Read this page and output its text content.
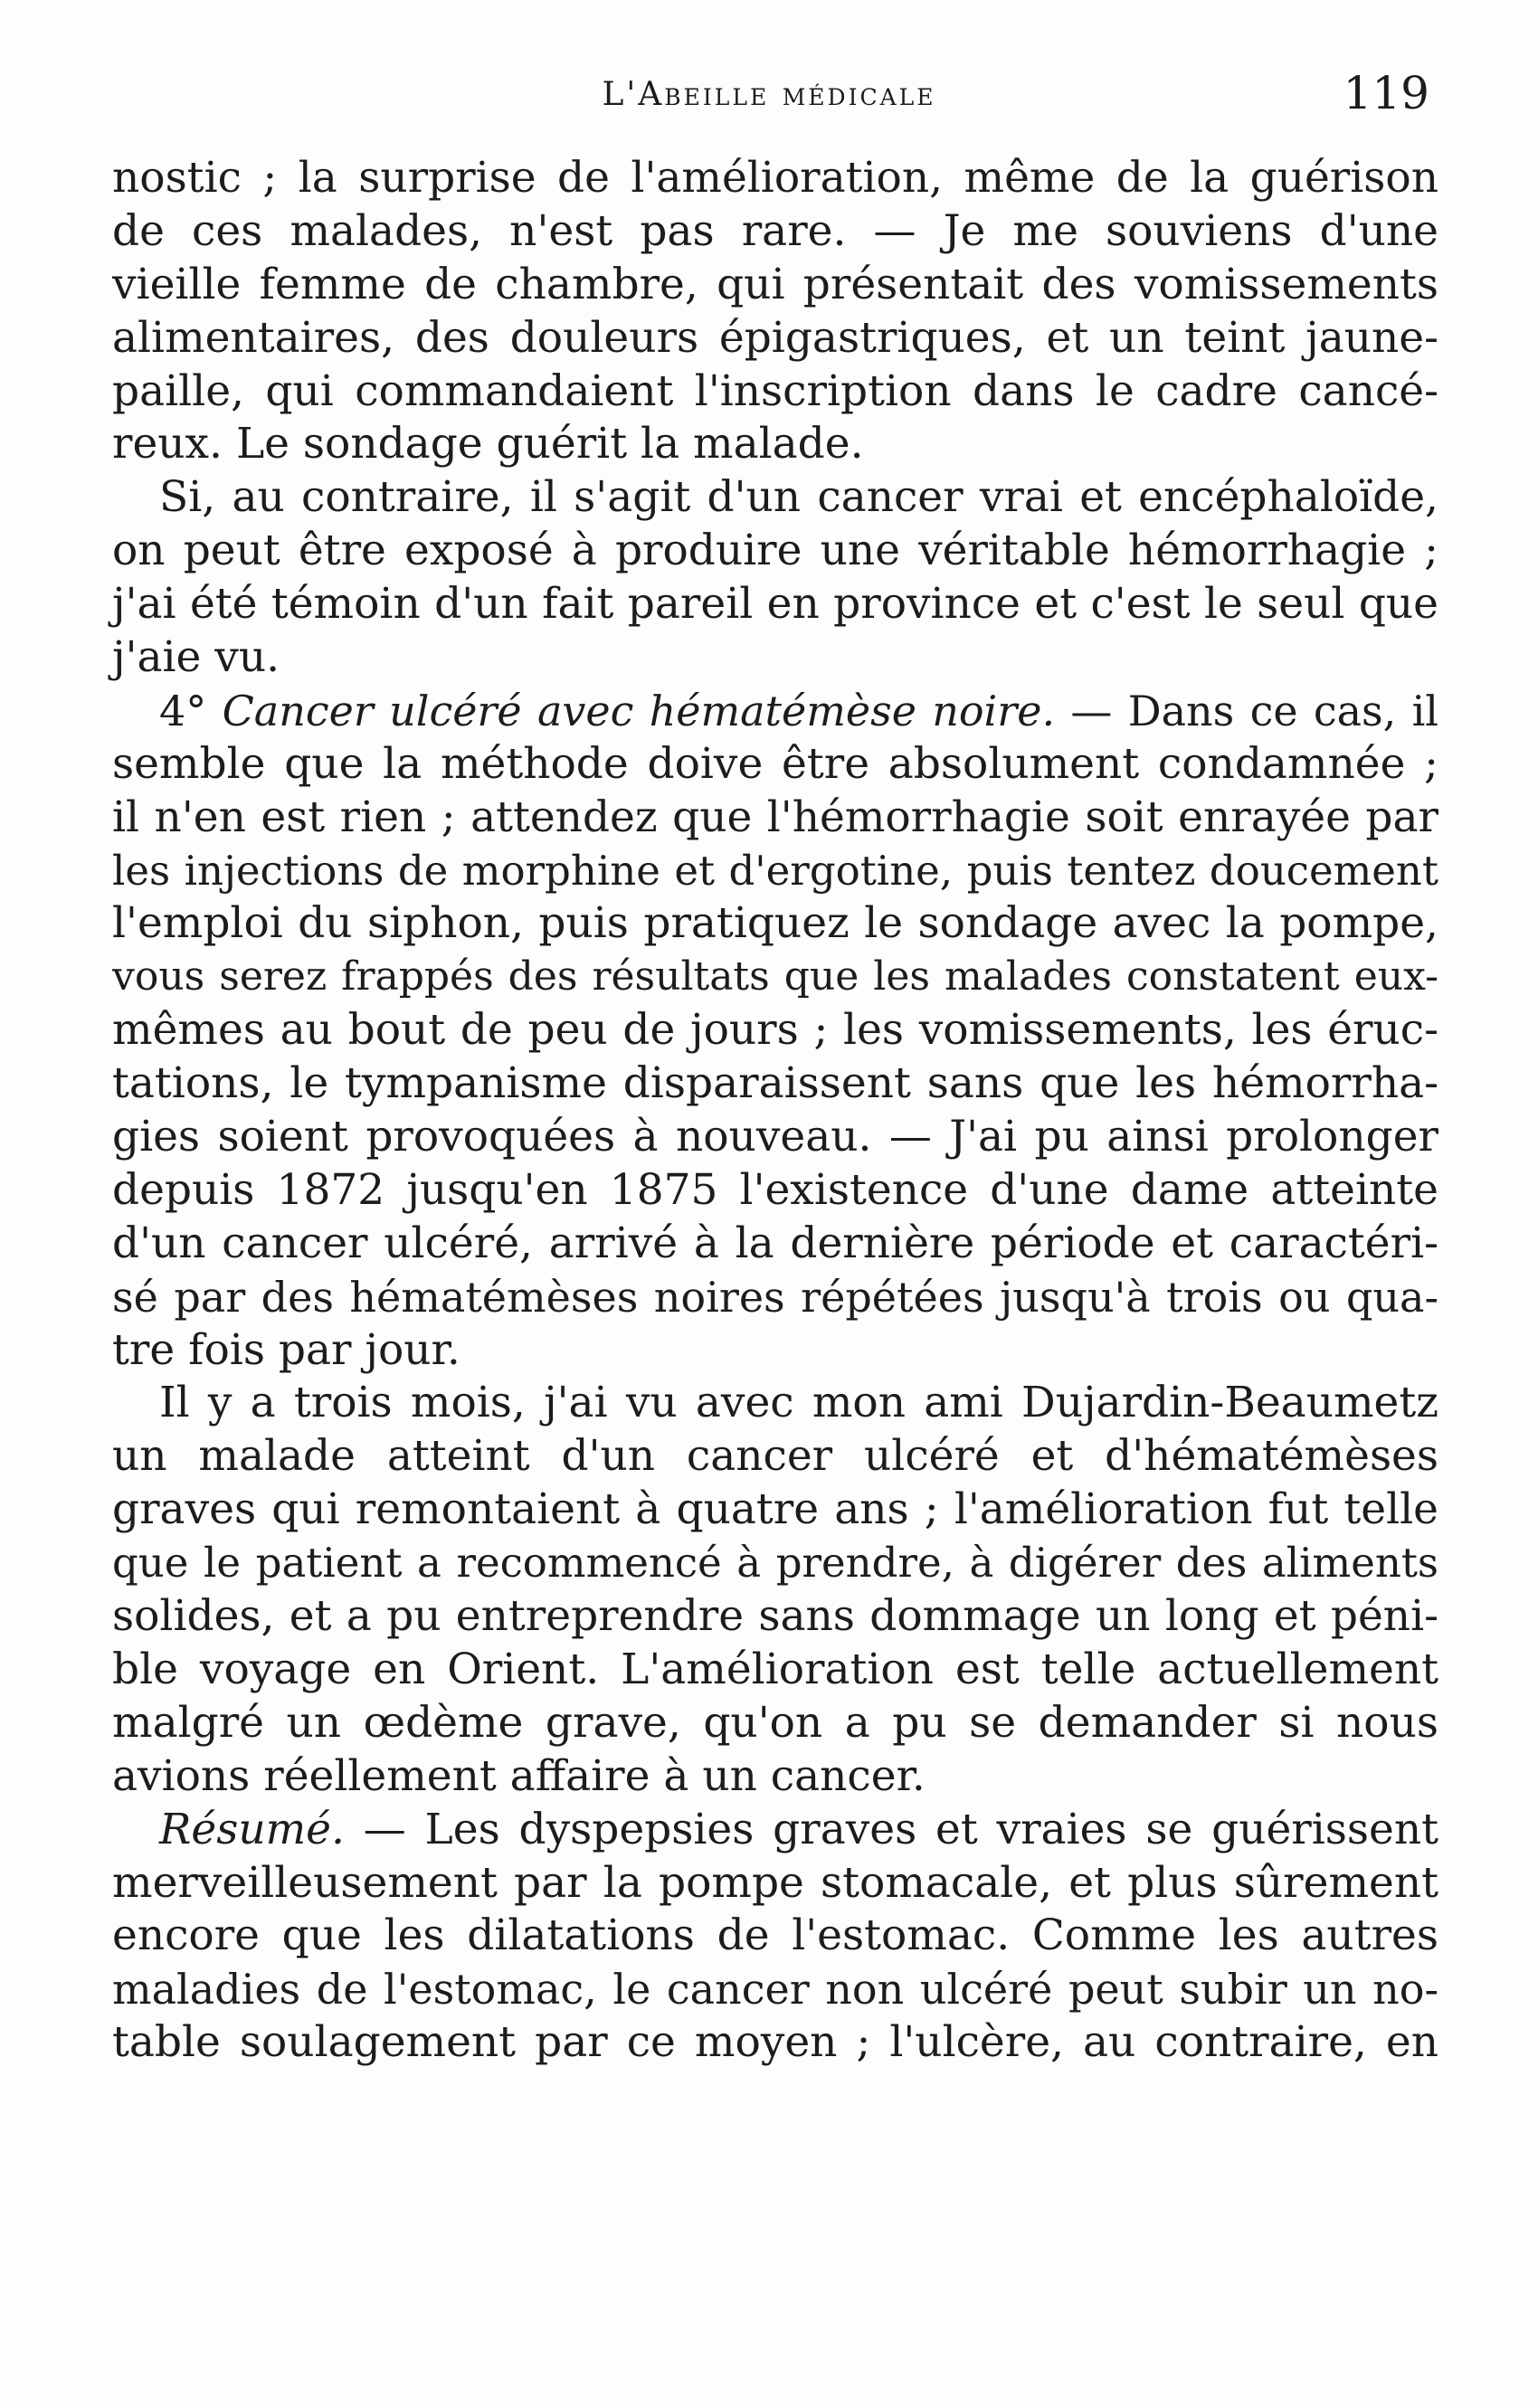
L'Abeille médicale	119
nostic ; la surprise de l'amélioration, même de la guérison
de ces malades, n'est pas rare. — Je me souviens d'une
vieille femme de chambre, qui présentait des vomissements
alimentaires, des douleurs épigastriques, et un teint jaune-
paille, qui commandaient l'inscription dans le cadre cancé-
reux. Le sondage guérit la malade.
Si, au contraire, il s'agit d'un cancer vrai et encéphaloïde,
on peut être exposé à produire une véritable hémorrhagie ;
j'ai été témoin d'un fait pareil en province et c'est le seul que
j'aie vu.
4° Cancer ulcéré avec hématémèse noire. — Dans ce cas, il
semble que la méthode doive être absolument condamnée ;
il n'en est rien ; attendez que l'hémorrhagie soit enrayée par
les injections de morphine et d'ergotine, puis tentez doucement
l'emploi du siphon, puis pratiquez le sondage avec la pompe,
vous serez frappés des résultats que les malades constatent eux-
mêmes au bout de peu de jours ; les vomissements, les éruc-
tations, le tympanisme disparaissent sans que les hémorrha-
gies soient provoquées à nouveau. — J'ai pu ainsi prolonger
depuis 1872 jusqu'en 1875 l'existence d'une dame atteinte
d'un cancer ulcéré, arrivé à la dernière période et caractéri-
sé par des hématémèses noires répétées jusqu'à trois ou qua-
tre fois par jour.
Il y a trois mois, j'ai vu avec mon ami Dujardin-Beaumetz
un malade atteint d'un cancer ulcéré et d'hématémèses
graves qui remontaient à quatre ans ; l'amélioration fut telle
que le patient a recommencé à prendre, à digérer des aliments
solides, et a pu entreprendre sans dommage un long et péni-
ble voyage en Orient. L'amélioration est telle actuellement
malgré un œdème grave, qu'on a pu se demander si nous
avions réellement affaire à un cancer.
Résumé. — Les dyspepsies graves et vraies se guérissent
merveilleusement par la pompe stomacale, et plus sûrement
encore que les dilatations de l'estomac. Comme les autres
maladies de l'estomac, le cancer non ulcéré peut subir un no-
table soulagement par ce moyen ; l'ulcère, au contraire, en
